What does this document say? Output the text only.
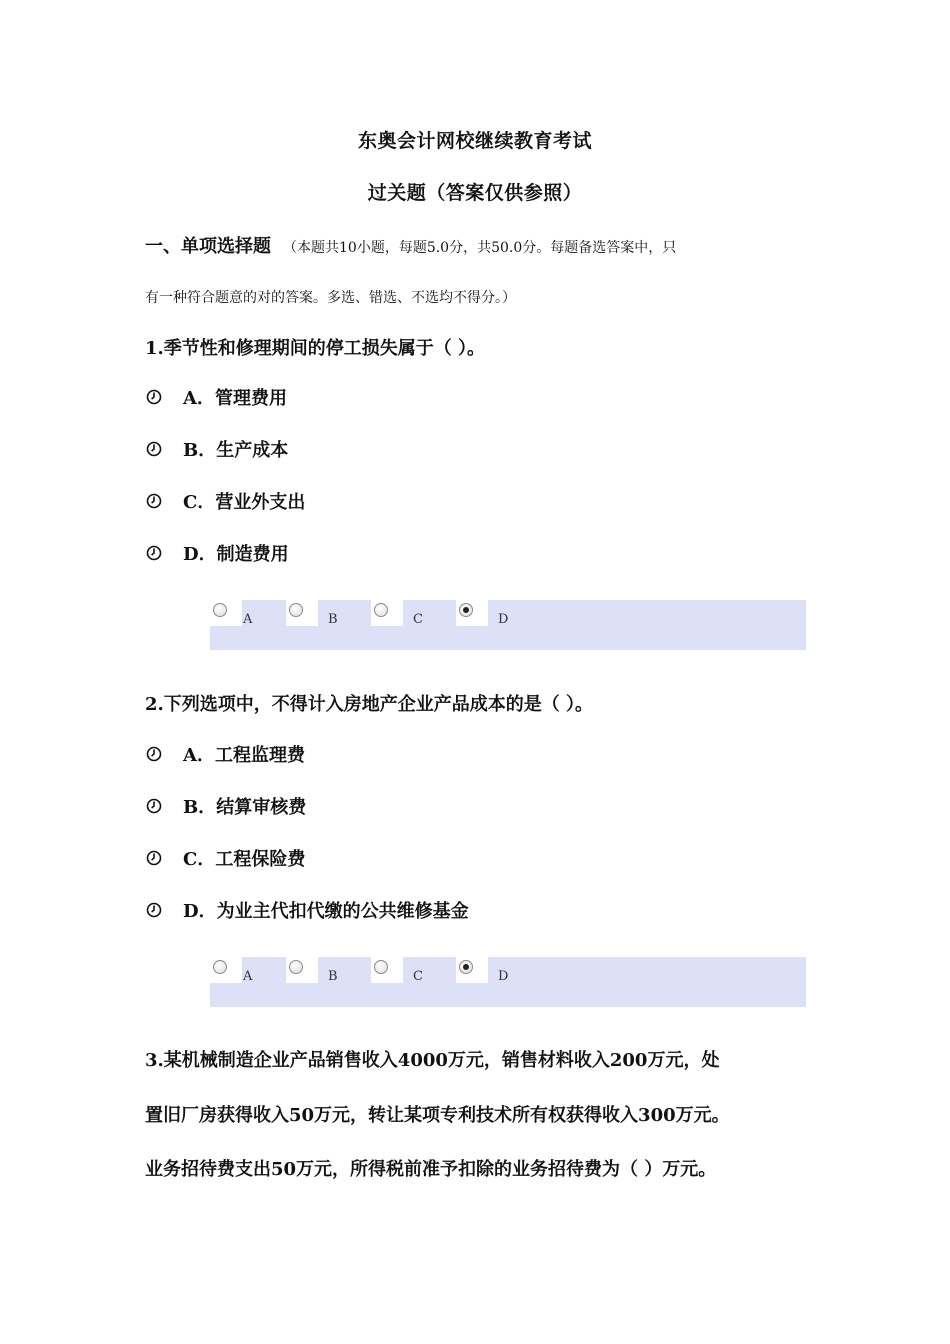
东奥会计网校继续教育考试
过关题（答案仅供参照）
一、单项选择题 （本题共10小题，每题5.0分，共50.0分。每题备选答案中，只
有一种符合题意的对的答案。多选、错选、不选均不得分。）
1.季节性和修理期间的停工损失属于（ ）。
A．管理费用
B．生产成本
C．营业外支出
D．制造费用
A	B	C	D
2.下列选项中，不得计入房地产企业产品成本的是（ ）。
A．工程监理费
B．结算审核费
C．工程保险费
D．为业主代扣代缴的公共维修基金
A	B	C	D
3.某机械制造企业产品销售收入4000万元，销售材料收入200万元，处
置旧厂房获得收入50万元，转让某项专利技术所有权获得收入300万元。
业务招待费支出50万元，所得税前准予扣除的业务招待费为（ ）万元。
